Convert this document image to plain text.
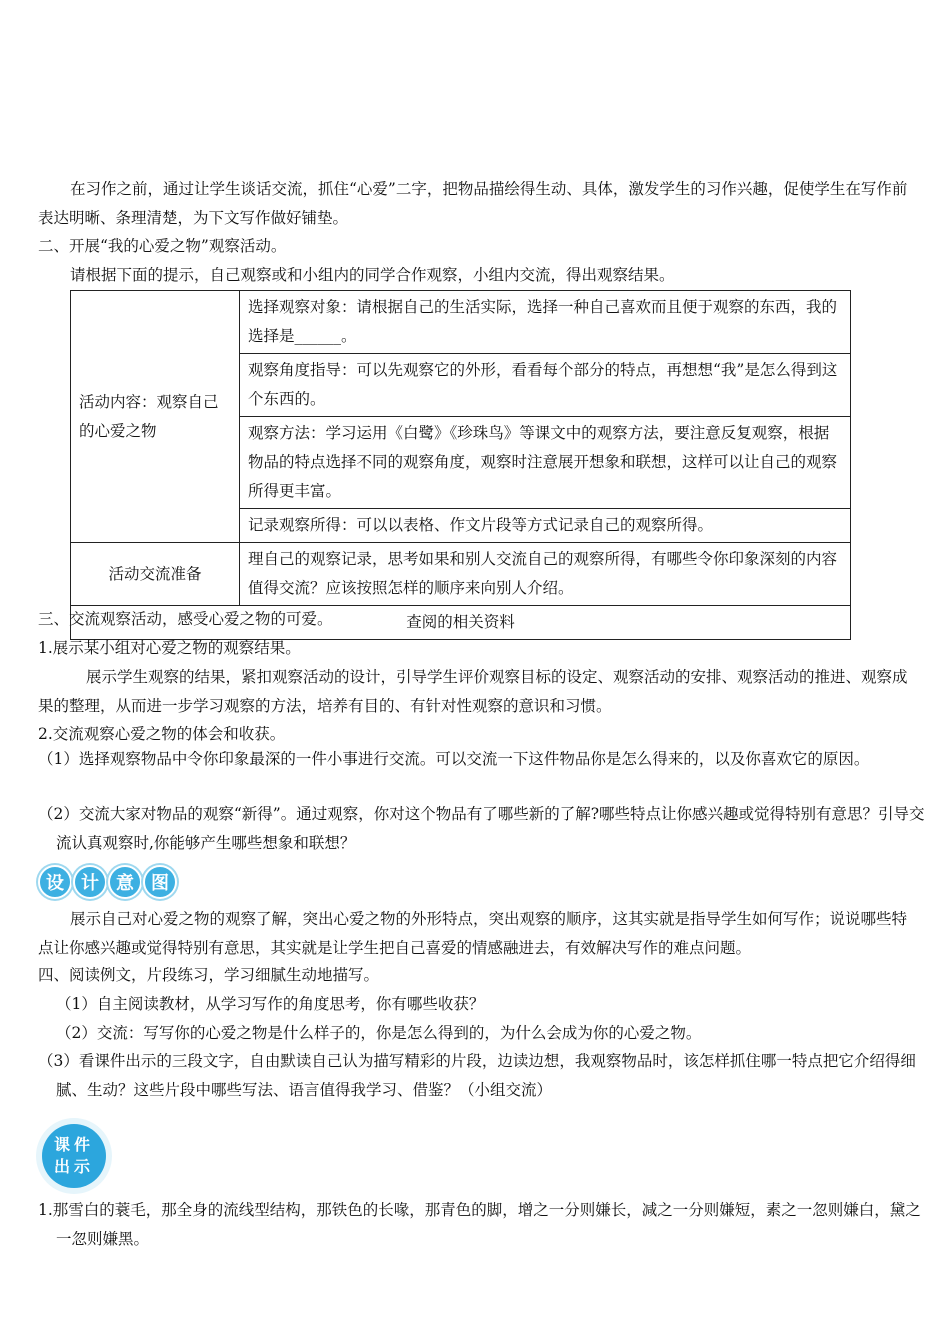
在习作之前，通过让学生谈话交流，抓住“心爱”二字，把物品描绘得生动、具体，激发学生的习作兴趣，促使学生在写作前表达明晰、条理清楚，为下文写作做好铺垫。

二、开展“我的心爱之物”观察活动。

请根据下面的提示，自己观察或和小组内的同学合作观察，小组内交流，得出观察结果。

活动内容：观察自己的心爱之物	选择观察对象：请根据自己的生活实际，选择一种自己喜欢而且便于观察的东西，我的选择是______。
	观察角度指导：可以先观察它的外形，看看每个部分的特点，再想想“我”是怎么得到这个东西的。
	观察方法：学习运用《白鹭》《珍珠鸟》等课文中的观察方法，要注意反复观察，根据物品的特点选择不同的观察角度，观察时注意展开想象和联想，这样可以让自己的观察所得更丰富。
	记录观察所得：可以以表格、作文片段等方式记录自己的观察所得。
活动交流准备	理自己的观察记录，思考如果和别人交流自己的观察所得，有哪些令你印象深刻的内容值得交流？应该按照怎样的顺序来向别人介绍。
查阅的相关资料	

三、交流观察活动，感受心爱之物的可爱。

1.展示某小组对心爱之物的观察结果。

展示学生观察的结果，紧扣观察活动的设计，引导学生评价观察目标的设定、观察活动的安排、观察活动的推进、观察成果的整理，从而进一步学习观察的方法，培养有目的、有针对性观察的意识和习惯。

2.交流观察心爱之物的体会和收获。

（1）选择观察物品中令你印象最深的一件小事进行交流。可以交流一下这件物品你是怎么得来的，以及你喜欢它的原因。

（2）交流大家对物品的观察“新得”。通过观察，你对这个物品有了哪些新的了解?哪些特点让你感兴趣或觉得特别有意思？引导交流认真观察时,你能够产生哪些想象和联想？

设 计 意 图

展示自己对心爱之物的观察了解，突出心爱之物的外形特点，突出观察的顺序，这其实就是指导学生如何写作；说说哪些特点让你感兴趣或觉得特别有意思，其实就是让学生把自己喜爱的情感融进去，有效解决写作的难点问题。

四、阅读例文，片段练习，学习细腻生动地描写。

（1）自主阅读教材，从学习写作的角度思考，你有哪些收获？

（2）交流：写写你的心爱之物是什么样子的，你是怎么得到的，为什么会成为你的心爱之物。

（3）看课件出示的三段文字，自由默读自己认为描写精彩的片段，边读边想，我观察物品时，该怎样抓住哪一特点把它介绍得细腻、生动？这些片段中哪些写法、语言值得我学习、借鉴？（小组交流）

课件
出示

1.那雪白的蓑毛，那全身的流线型结构，那铁色的长喙，那青色的脚，增之一分则嫌长，减之一分则嫌短，素之一忽则嫌白，黛之一忽则嫌黑。
